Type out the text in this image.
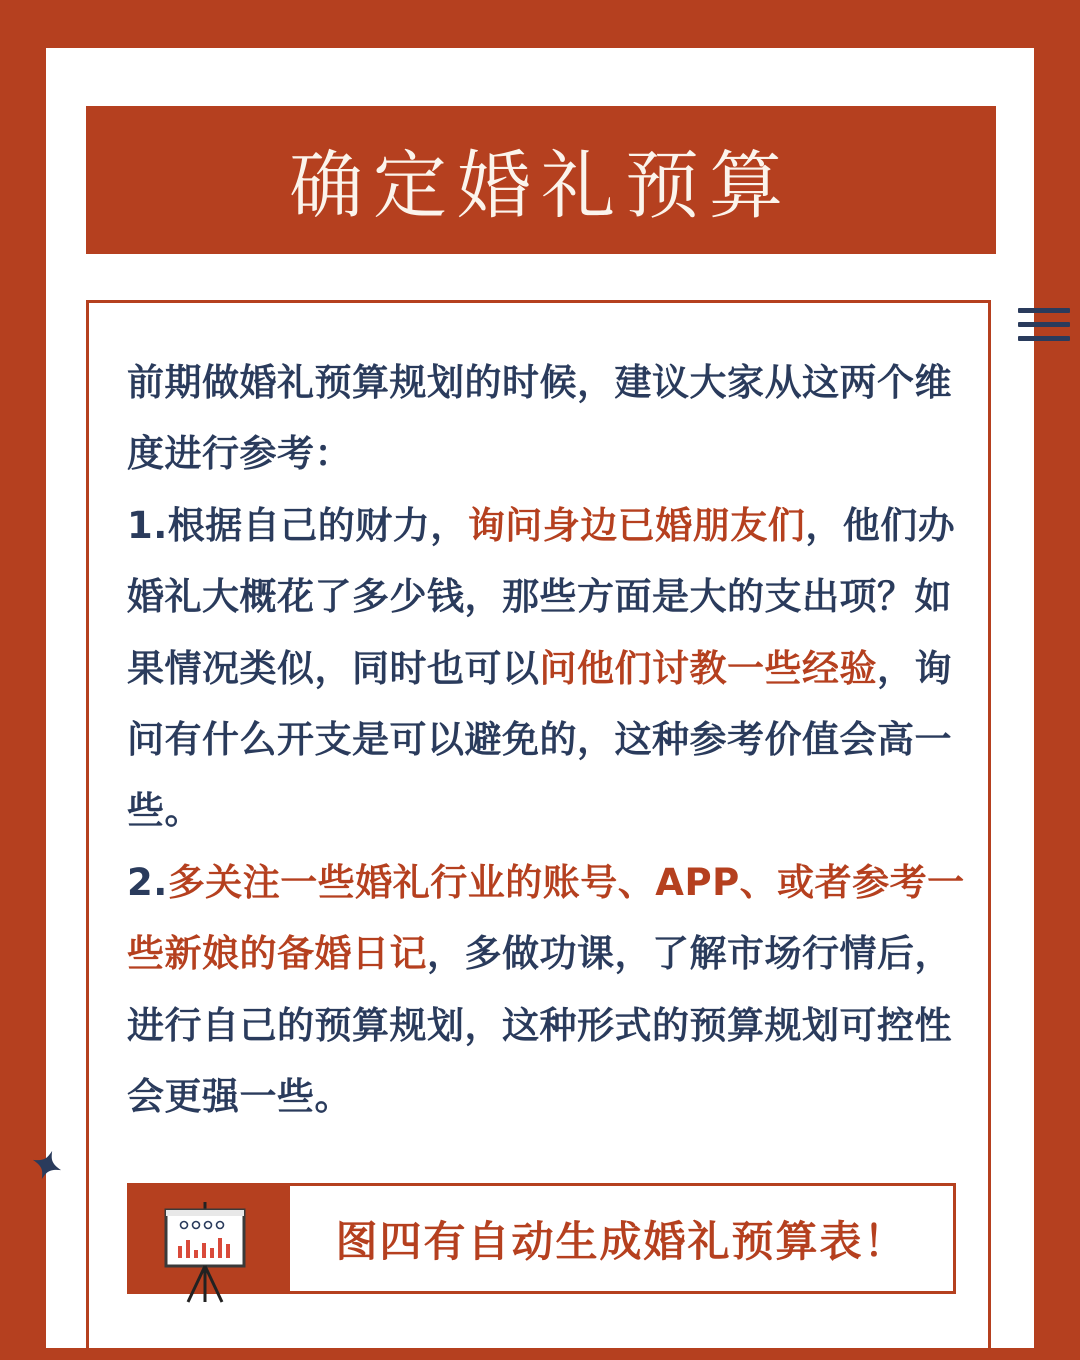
确定婚礼预算

前期做婚礼预算规划的时候，建议大家从这两个维度进行参考：

1.根据自己的财力，询问身边已婚朋友们，他们办婚礼大概花了多少钱，那些方面是大的支出项？如果情况类似，同时也可以问他们讨教一些经验，询问有什么开支是可以避免的，这种参考价值会高一些。

2.多关注一些婚礼行业的账号、APP、或者参考一些新娘的备婚日记，多做功课，了解市场行情后，进行自己的预算规划，这种形式的预算规划可控性会更强一些。

图四有自动生成婚礼预算表！
